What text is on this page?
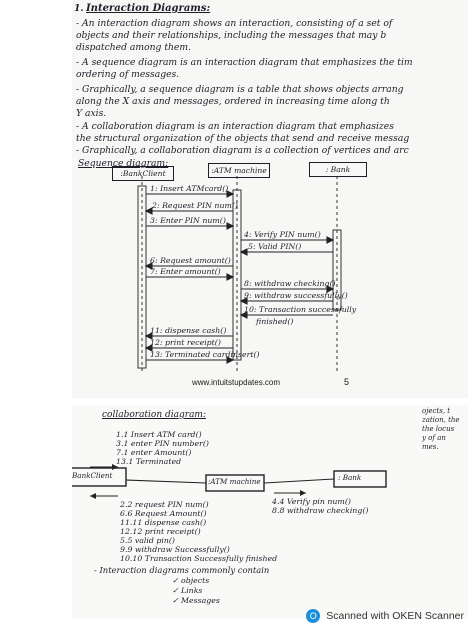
1. Interaction Diagrams:
- An interaction diagram shows an interaction, consisting of a set of
objects and their relationships, including the messages that may b
dispatched among them.
- A sequence diagram is an interaction diagram that emphasizes the tim
ordering of messages.
- Graphically, a sequence diagram is a table that shows objects arrang
along the X axis and messages, ordered in increasing time along th
Y axis.
- A collaboration diagram is an interaction diagram that emphasizes
the structural organization of the objects that send and receive messag
- Graphically, a collaboration diagram is a collection of vertices and arc
Sequence diagram:
:BankClient	:ATM machine	: Bank
1: Insert ATMcard()
2: Request PIN num()
3: Enter PIN num()
4: Verify PIN num()
5: Valid PIN()
6: Request amount()
7: Enter amount()
8: withdraw checking()
9: withdraw successfully()
10: Transaction successfully
finished()
11: dispense cash()
12: print receipt()
13: Terminated cardinsert()
www.intuitstupdates.com	5
collaboration diagram:
1.1 Insert ATM card()
3.1 enter PIN number()
7.1 enter Amount()
13.1 Terminated
BankClient
:ATM machine	: Bank
2.2 request PIN num()
6.6 Request Amount()
11.11 dispense cash()
12.12 print receipt()
5.5 valid pin()
9.9 withdraw Successfully()
10.10 Transaction Successfully finished
4.4 Verify pin num()
8.8 withdraw checking()
ojects, t
zation, the
the locus
y of an
mes.
- Interaction diagrams commonly contain
✓ objects
✓ Links
✓ Messages
O Scanned with OKEN Scanner
